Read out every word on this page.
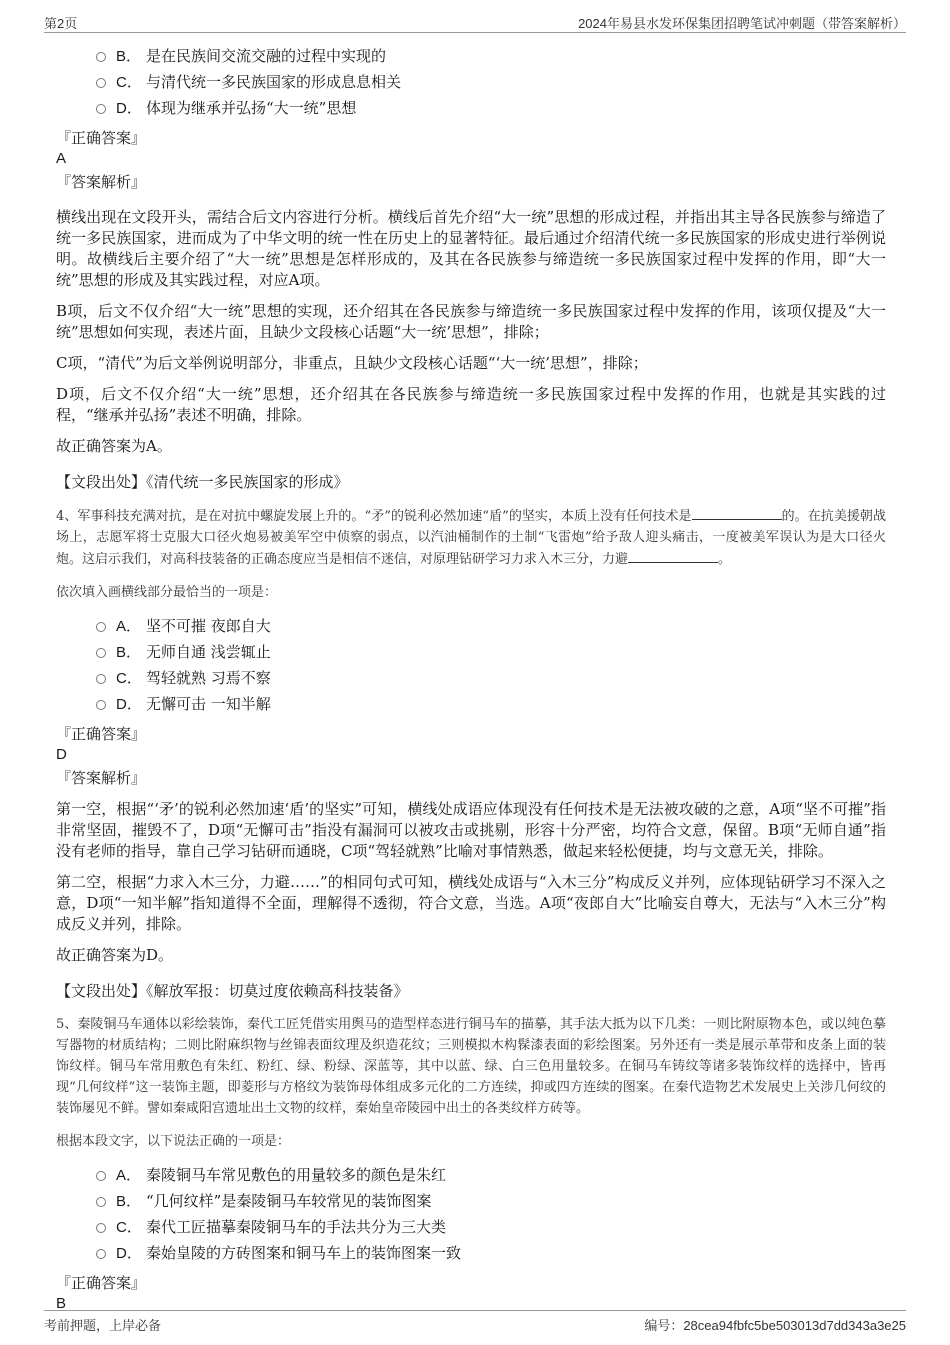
第2页	2024年易县水发环保集团招聘笔试冲刺题（带答案解析）
B． 是在民族间交流交融的过程中实现的
C． 与清代统一多民族国家的形成息息相关
D． 体现为继承并弘扬“大一统”思想
『正确答案』
A
『答案解析』

横线出现在文段开头，需结合后文内容进行分析。横线后首先介绍“大一统”思想的形成过程，并指出其主导各民族参与缔造了统一多民族国家，进而成为了中华文明的统一性在历史上的显著特征。最后通过介绍清代统一多民族国家的形成史进行举例说明。故横线后主要介绍了“大一统”思想是怎样形成的，及其在各民族参与缔造统一多民族国家过程中发挥的作用，即“大一统”思想的形成及其实践过程，对应A项。

B项，后文不仅介绍“大一统”思想的实现，还介绍其在各民族参与缔造统一多民族国家过程中发挥的作用，该项仅提及“大一统”思想如何实现，表述片面，且缺少文段核心话题“大一统’思想”，排除；

C项，“清代”为后文举例说明部分，非重点，且缺少文段核心话题“‘大一统’思想”，排除；

D项，后文不仅介绍“大一统”思想，还介绍其在各民族参与缔造统一多民族国家过程中发挥的作用，也就是其实践的过程，“继承并弘扬”表述不明确，排除。

故正确答案为A。

【文段出处】《清代统一多民族国家的形成》

4、军事科技充满对抗，是在对抗中螺旋发展上升的。“矛”的锐利必然加速“盾”的坚实，本质上没有任何技术是	的。在抗美援朝战场上，志愿军将士克服大口径火炮易被美军空中侦察的弱点，以汽油桶制作的土制“飞雷炮”给予敌人迎头痛击，一度被美军误认为是大口径火炮。这启示我们，对高科技装备的正确态度应当是相信不迷信，对原理钻研学习力求入木三分，力避	。

依次填入画横线部分最恰当的一项是：

A． 坚不可摧 夜郎自大
B． 无师自通 浅尝辄止
C． 驾轻就熟 习焉不察
D． 无懈可击 一知半解
『正确答案』
D
『答案解析』

第一空，根据“‘矛’的锐利必然加速‘盾’的坚实”可知，横线处成语应体现没有任何技术是无法被攻破的之意，A项“坚不可摧”指非常坚固，摧毁不了，D项“无懈可击”指没有漏洞可以被攻击或挑剔，形容十分严密，均符合文意，保留。B项“无师自通”指没有老师的指导，靠自己学习钻研而通晓，C项“驾轻就熟”比喻对事情熟悉，做起来轻松便捷，均与文意无关，排除。

第二空，根据“力求入木三分，力避……”的相同句式可知，横线处成语与“入木三分”构成反义并列，应体现钻研学习不深入之意，D项“一知半解”指知道得不全面，理解得不透彻，符合文意，当选。A项“夜郎自大”比喻妄自尊大，无法与“入木三分”构成反义并列，排除。

故正确答案为D。

【文段出处】《解放军报：切莫过度依赖高科技装备》

5、秦陵铜马车通体以彩绘装饰，秦代工匠凭借实用舆马的造型样态进行铜马车的描摹，其手法大抵为以下几类：一则比附原物本色，或以纯色摹写器物的材质结构；二则比附麻织物与丝锦表面纹理及织造花纹；三则模拟木构髹漆表面的彩绘图案。另外还有一类是展示革带和皮条上面的装饰纹样。铜马车常用敷色有朱红、粉红、绿、粉绿、深蓝等，其中以蓝、绿、白三色用量较多。在铜马车铸纹等诸多装饰纹样的选择中，皆再现“几何纹样”这一装饰主题，即菱形与方格纹为装饰母体组成多元化的二方连续，抑或四方连续的图案。在秦代造物艺术发展史上关涉几何纹的装饰屡见不鲜。譬如秦咸阳宫遗址出土文物的纹样，秦始皇帝陵园中出土的各类纹样方砖等。

根据本段文字，以下说法正确的一项是：

A． 秦陵铜马车常见敷色的用量较多的颜色是朱红
B． “几何纹样”是秦陵铜马车较常见的装饰图案
C． 秦代工匠描摹秦陵铜马车的手法共分为三大类
D． 秦始皇陵的方砖图案和铜马车上的装饰图案一致
『正确答案』
B
考前押题，上岸必备	编号：28cea94fbfc5be503013d7dd343a3e25
